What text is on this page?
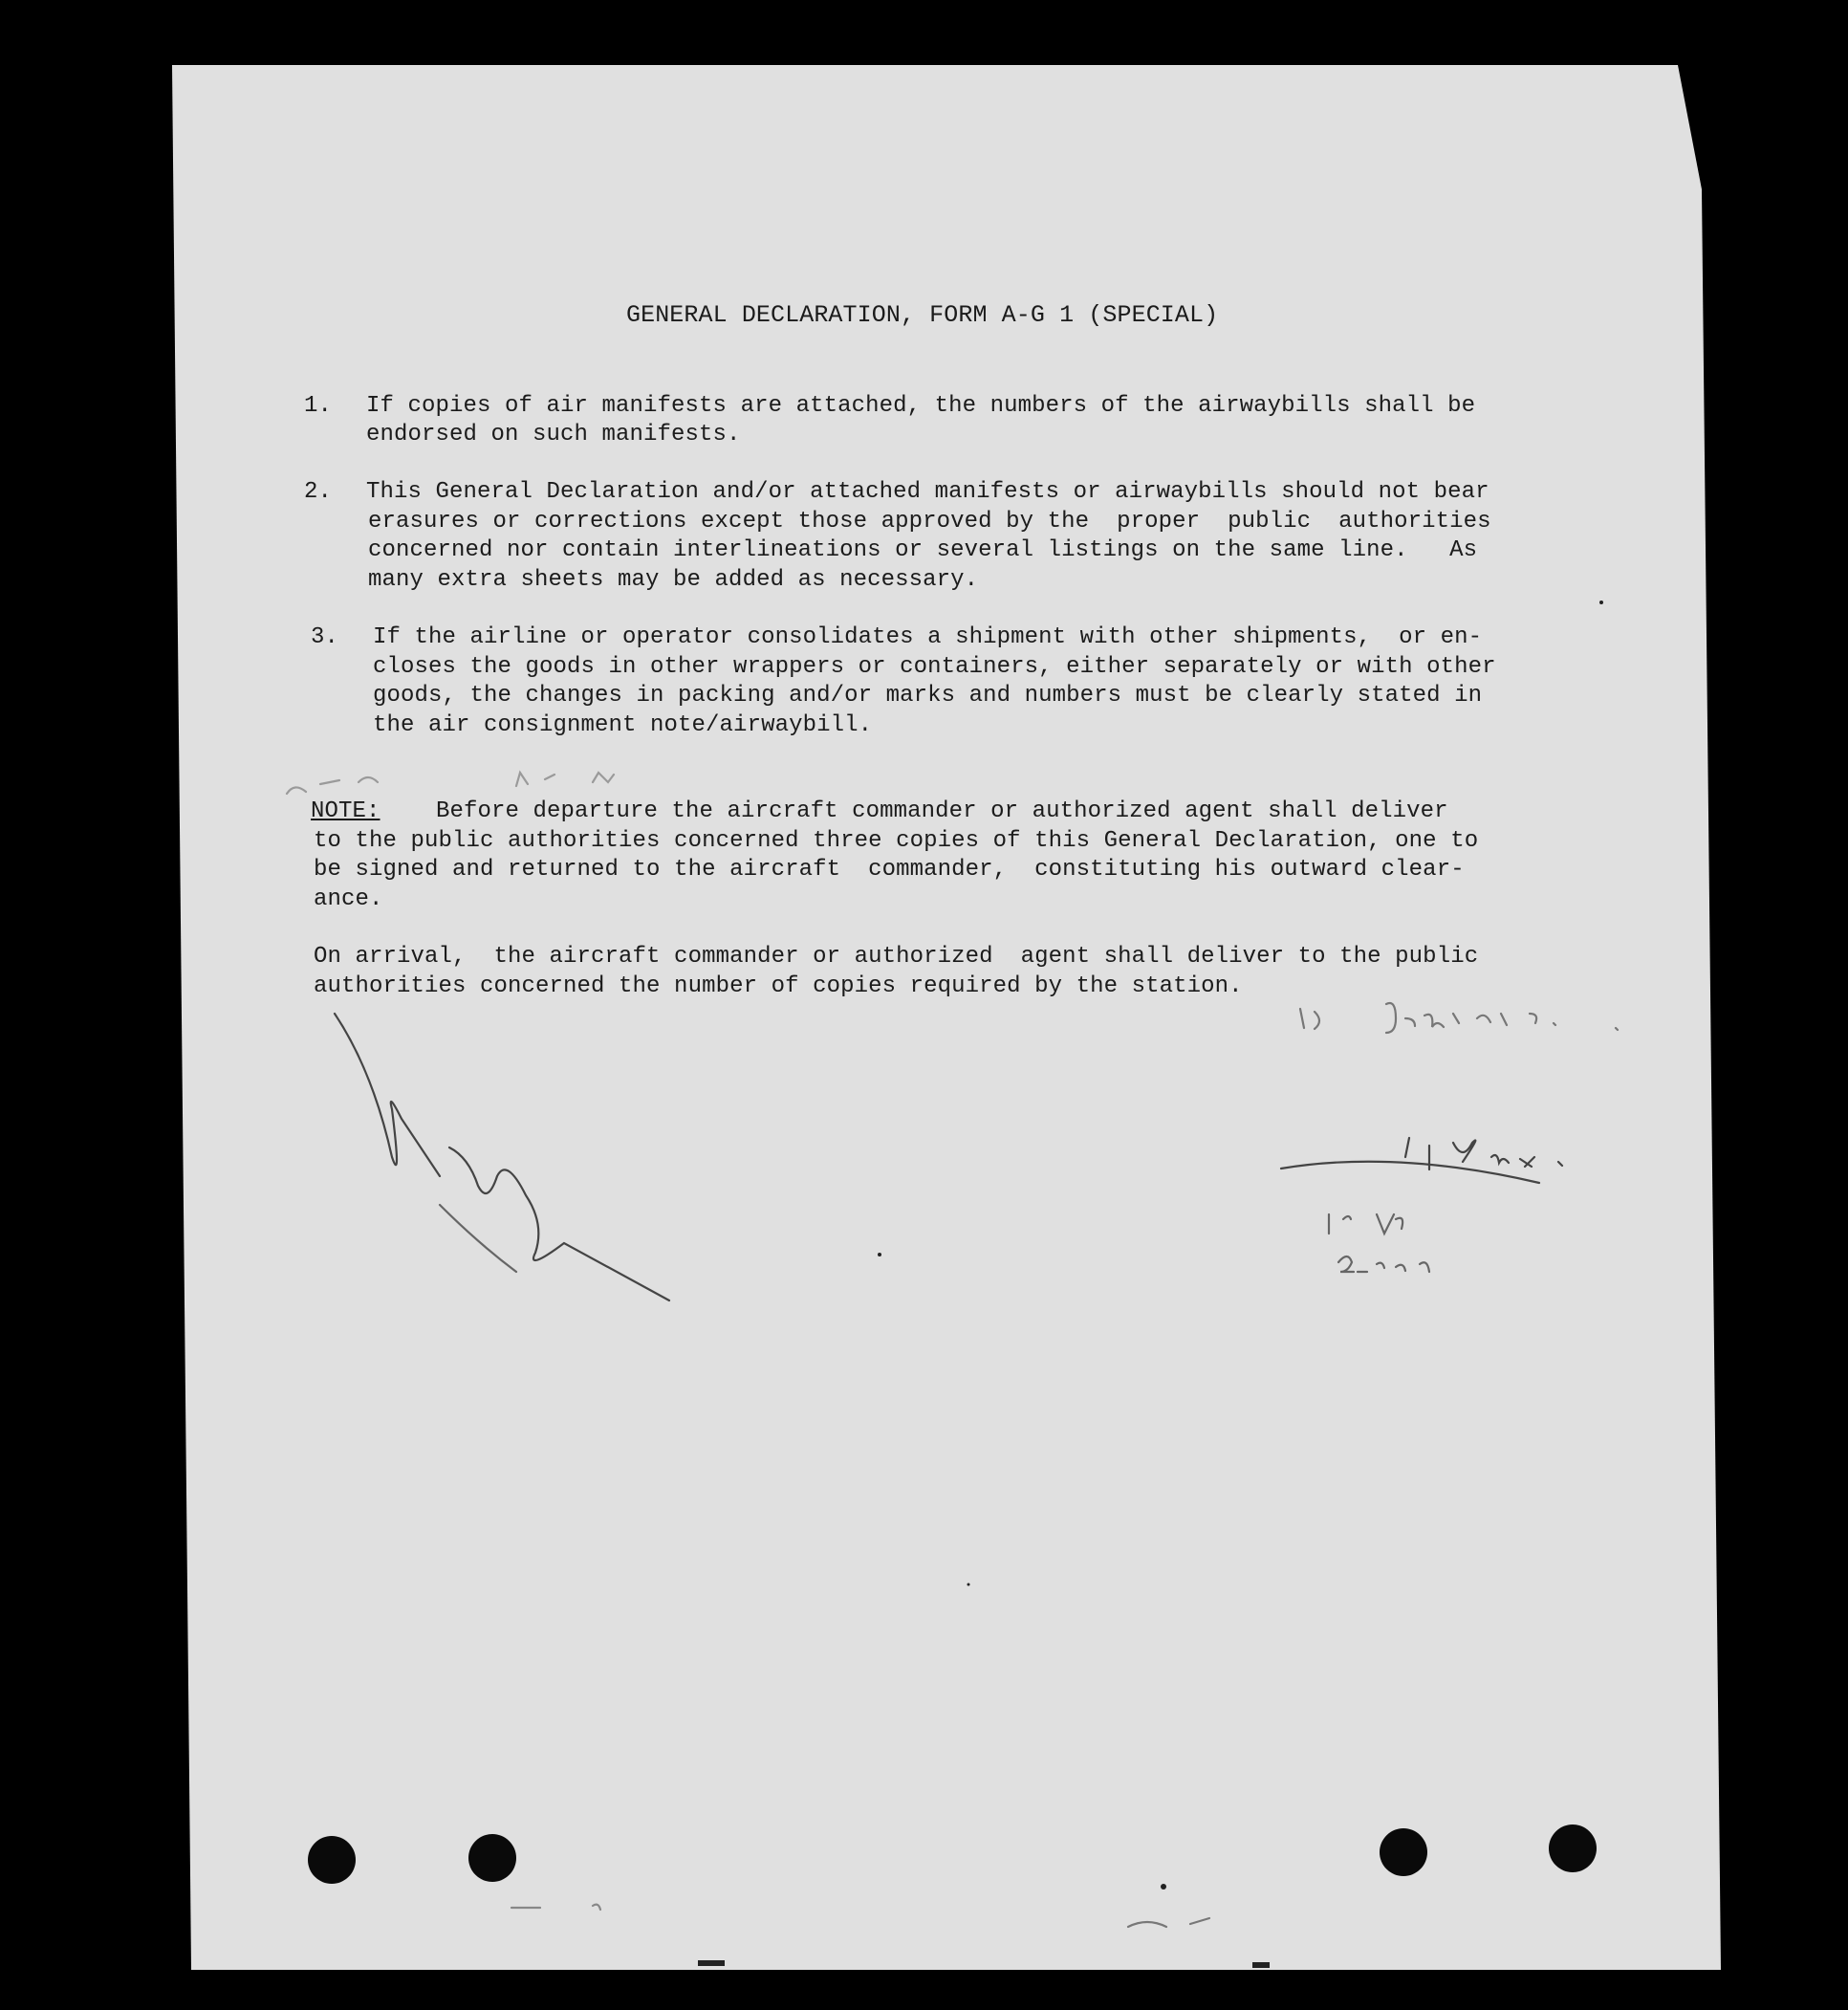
GENERAL DECLARATION, FORM A-G 1 (SPECIAL)
1. If copies of air manifests are attached, the numbers of the airwaybills shall be
endorsed on such manifests.
2. This General Declaration and/or attached manifests or airwaybills should not bear
erasures or corrections except those approved by the  proper  public  authorities
concerned nor contain interlineations or several listings on the same line.   As
many extra sheets may be added as necessary.
3. If the airline or operator consolidates a shipment with other shipments,  or en-
closes the goods in other wrappers or containers, either separately or with other
goods, the changes in packing and/or marks and numbers must be clearly stated in
the air consignment note/airwaybill.
NOTE: Before departure the aircraft commander or authorized agent shall deliver
to the public authorities concerned three copies of this General Declaration, one to
be signed and returned to the aircraft  commander,  constituting his outward clear-
ance.
On arrival,  the aircraft commander or authorized  agent shall deliver to the public
authorities concerned the number of copies required by the station.
